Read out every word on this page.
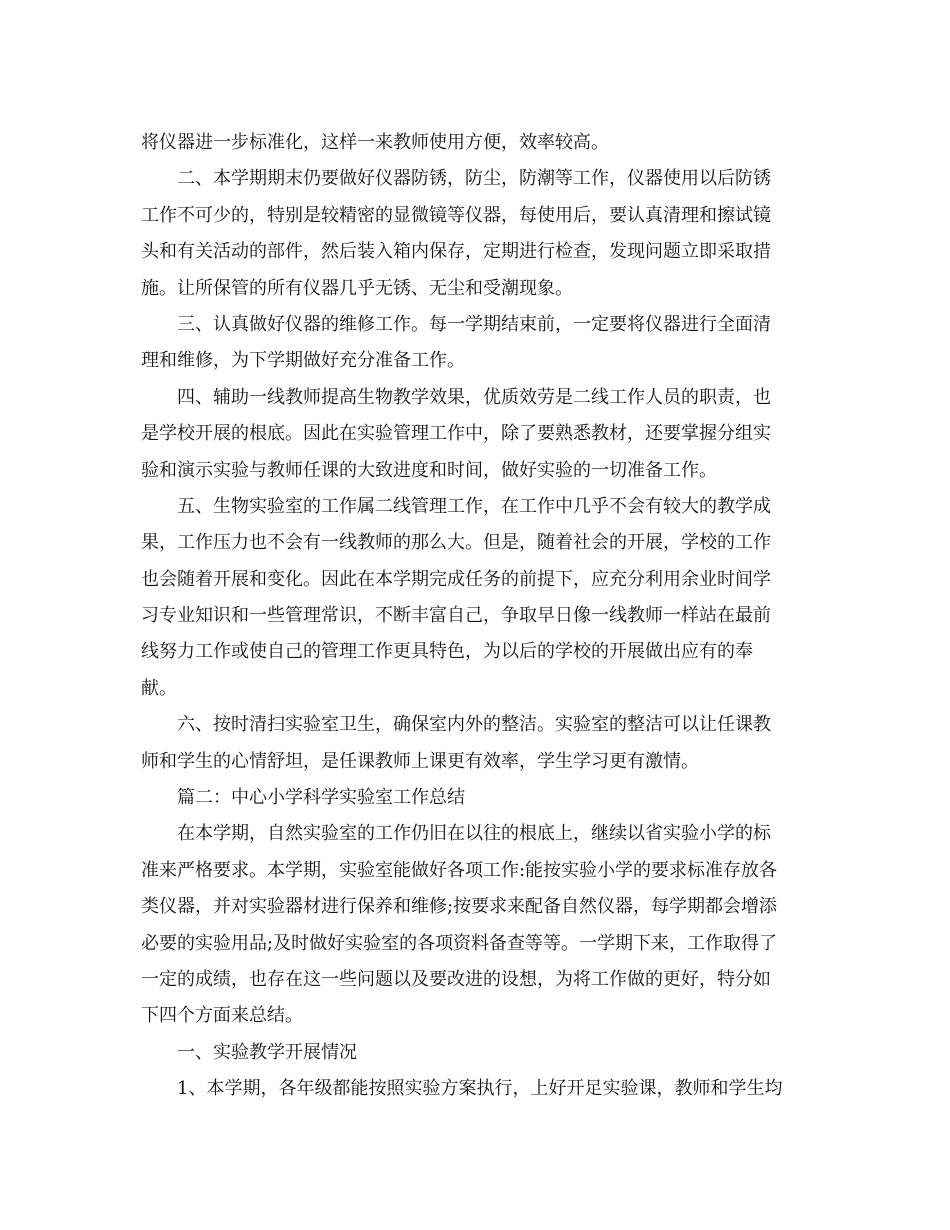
将仪器进一步标准化，这样一来教师使用方便，效率较高。
二、本学期期末仍要做好仪器防锈，防尘，防潮等工作，仪器使用以后防锈
工作不可少的，特别是较精密的显微镜等仪器，每使用后，要认真清理和擦试镜
头和有关活动的部件，然后装入箱内保存，定期进行检查，发现问题立即采取措
施。让所保管的所有仪器几乎无锈、无尘和受潮现象。
三、认真做好仪器的维修工作。每一学期结束前，一定要将仪器进行全面清
理和维修，为下学期做好充分准备工作。
四、辅助一线教师提高生物教学效果，优质效劳是二线工作人员的职责，也
是学校开展的根底。因此在实验管理工作中，除了要熟悉教材，还要掌握分组实
验和演示实验与教师任课的大致进度和时间，做好实验的一切准备工作。
五、生物实验室的工作属二线管理工作，在工作中几乎不会有较大的教学成
果，工作压力也不会有一线教师的那么大。但是，随着社会的开展，学校的工作
也会随着开展和变化。因此在本学期完成任务的前提下，应充分利用余业时间学
习专业知识和一些管理常识，不断丰富自己，争取早日像一线教师一样站在最前
线努力工作或使自己的管理工作更具特色，为以后的学校的开展做出应有的奉
献。
六、按时清扫实验室卫生，确保室内外的整洁。实验室的整洁可以让任课教
师和学生的心情舒坦，是任课教师上课更有效率，学生学习更有激情。
篇二：中心小学科学实验室工作总结
在本学期，自然实验室的工作仍旧在以往的根底上，继续以省实验小学的标
准来严格要求。本学期，实验室能做好各项工作:能按实验小学的要求标准存放各
类仪器，并对实验器材进行保养和维修;按要求来配备自然仪器，每学期都会增添
必要的实验用品;及时做好实验室的各项资料备查等等。一学期下来，工作取得了
一定的成绩，也存在这一些问题以及要改进的设想，为将工作做的更好，特分如
下四个方面来总结。
一、实验教学开展情况
1、本学期，各年级都能按照实验方案执行，上好开足实验课，教师和学生均
